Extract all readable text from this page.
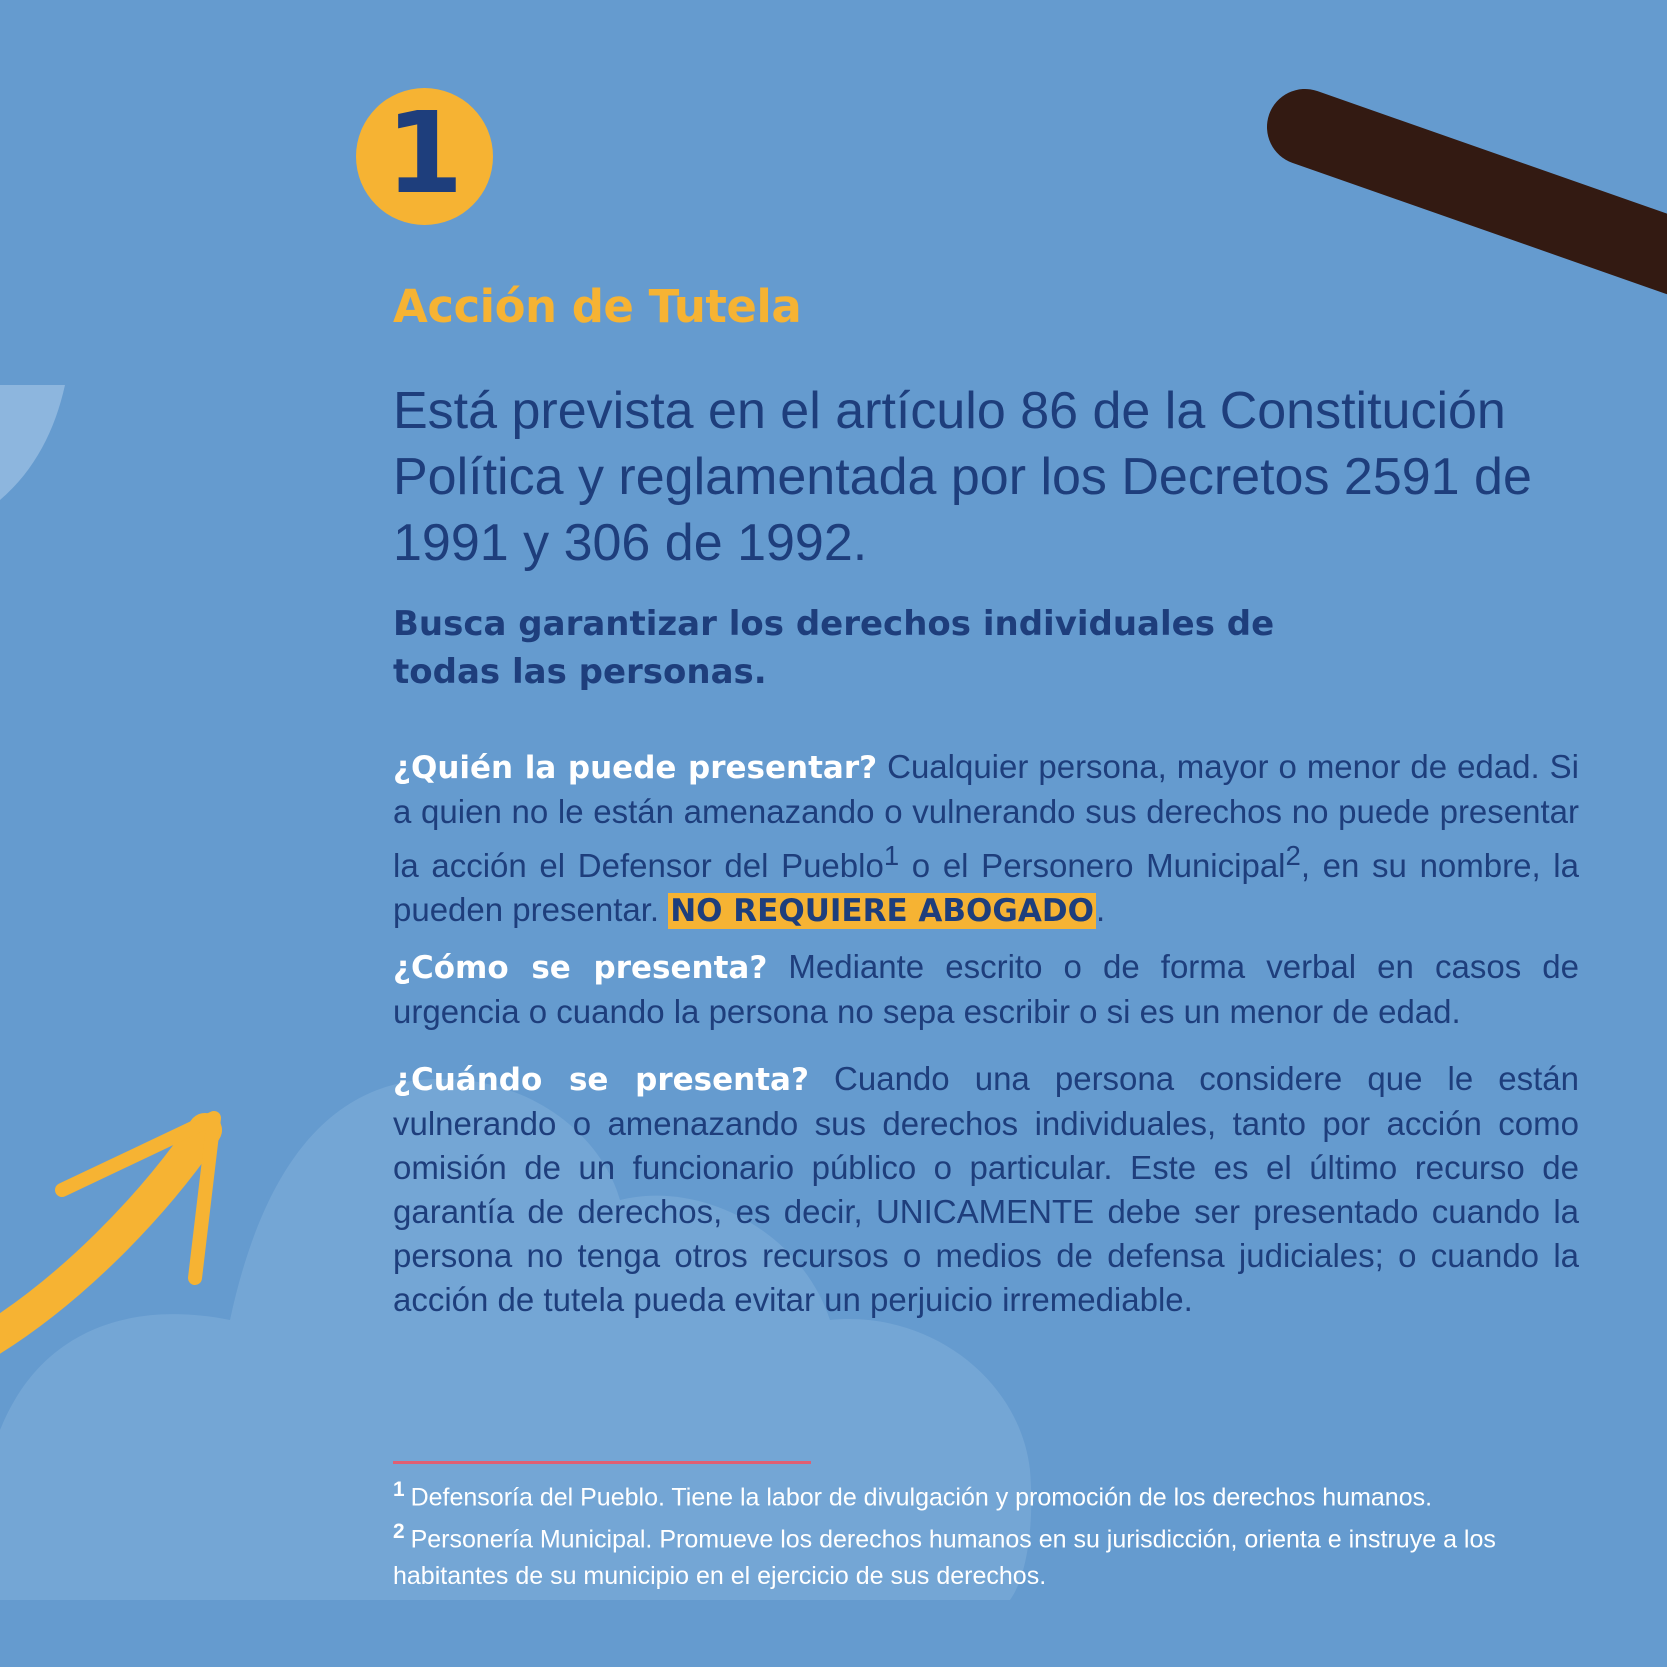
1
Acción de Tutela

Está prevista en el artículo 86 de la Constitución Política y reglamentada por los Decretos 2591 de 1991 y 306 de 1992.

Busca garantizar los derechos individuales de todas las personas.

¿Quién la puede presentar? Cualquier persona, mayor o menor de edad. Si a quien no le están amenazando o vulnerando sus derechos no puede presentar la acción el Defensor del Pueblo$^1$ o el Personero Municipal$^2$, en su nombre, la pueden presentar. NO REQUIERE ABOGADO.

¿Cómo se presenta? Mediante escrito o de forma verbal en casos de urgencia o cuando la persona no sepa escribir o si es un menor de edad.

¿Cuándo se presenta? Cuando una persona considere que le están vulnerando o amenazando sus derechos individuales, tanto por acción como omisión de un funcionario público o particular. Este es el último recurso de garantía de derechos, es decir, UNICAMENTE debe ser presentado cuando la persona no tenga otros recursos o medios de defensa judiciales; o cuando la acción de tutela pueda evitar un perjuicio irremediable.

$^1$ Defensoría del Pueblo. Tiene la labor de divulgación y promoción de los derechos humanos.

$^2$ Personería Municipal. Promueve los derechos humanos en su jurisdicción, orienta e instruye a los habitantes de su municipio en el ejercicio de sus derechos.
